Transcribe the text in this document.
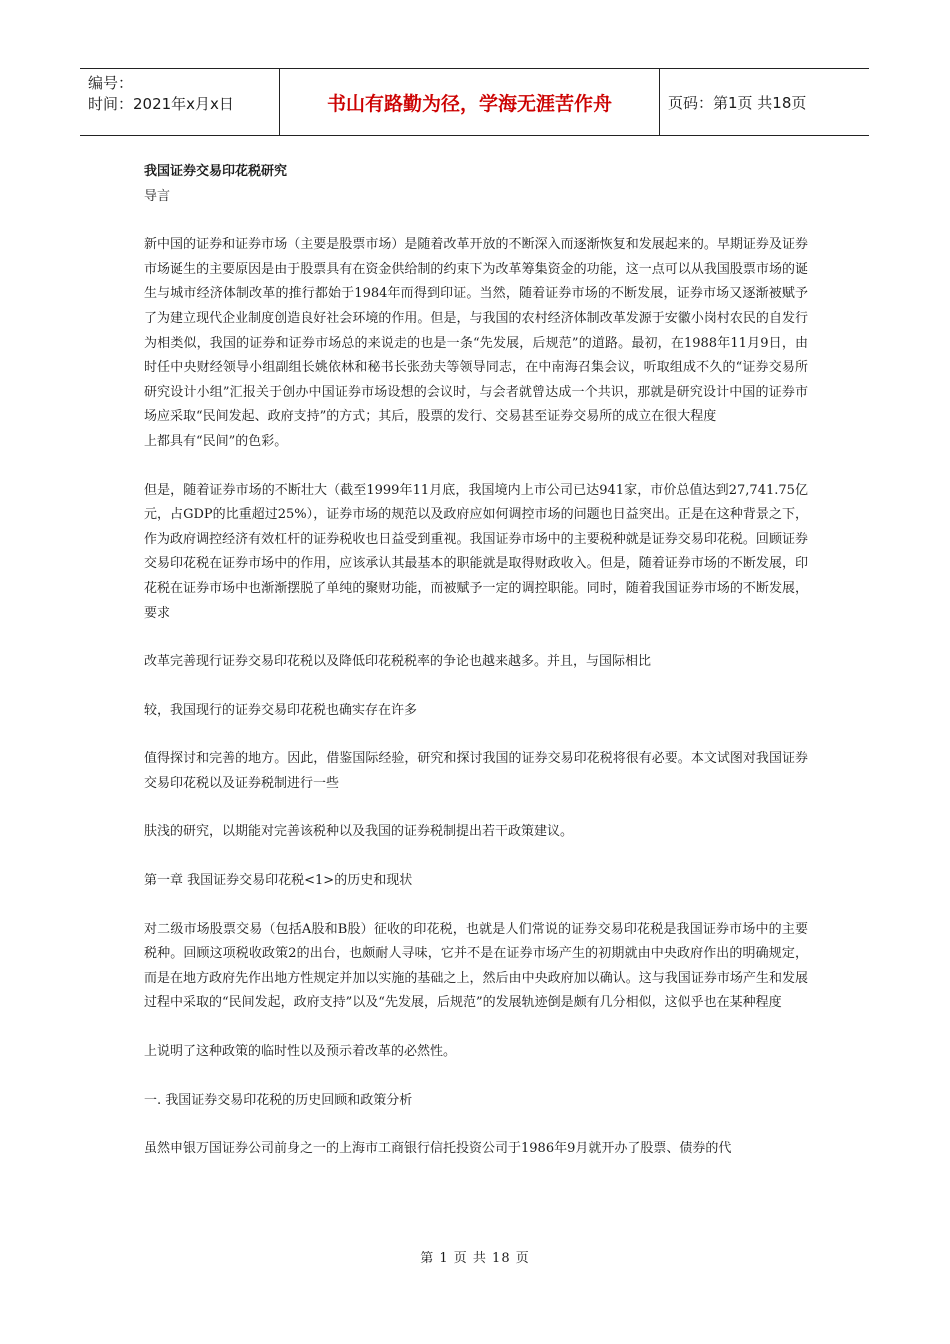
编号：
时间：2021年x月x日	书山有路勤为径，学海无涯苦作舟	页码：第1页 共18页

我国证券交易印花税研究

导言

新中国的证券和证券市场（主要是股票市场）是随着改革开放的不断深入而逐渐恢复和发展起来的。早期证券及证券市场诞生的主要原因是由于股票具有在资金供给制的约束下为改革筹集资金的功能，这一点可以从我国股票市场的诞生与城市经济体制改革的推行都始于1984年而得到印证。当然，随着证券市场的不断发展，证券市场又逐渐被赋予了为建立现代企业制度创造良好社会环境的作用。但是，与我国的农村经济体制改革发源于安徽小岗村农民的自发行为相类似，我国的证券和证券市场总的来说走的也是一条“先发展，后规范”的道路。最初，在1988年11月9日，由时任中央财经领导小组副组长姚依林和秘书长张劲夫等领导同志，在中南海召集会议，听取组成不久的“证券交易所研究设计小组”汇报关于创办中国证券市场设想的会议时，与会者就曾达成一个共识，那就是研究设计中国的证券市场应采取“民间发起、政府支持”的方式；其后，股票的发行、交易甚至证券交易所的成立在很大程度

上都具有“民间”的色彩。

但是，随着证券市场的不断壮大（截至1999年11月底，我国境内上市公司已达941家，市价总值达到27,741.75亿元，占GDP的比重超过25%），证券市场的规范以及政府应如何调控市场的问题也日益突出。正是在这种背景之下，作为政府调控经济有效杠杆的证券税收也日益受到重视。我国证券市场中的主要税种就是证券交易印花税。回顾证券交易印花税在证券市场中的作用，应该承认其最基本的职能就是取得财政收入。但是，随着证券市场的不断发展，印花税在证券市场中也渐渐摆脱了单纯的聚财功能，而被赋予一定的调控职能。同时，随着我国证券市场的不断发展，要求

改革完善现行证券交易印花税以及降低印花税税率的争论也越来越多。并且，与国际相比

较，我国现行的证券交易印花税也确实存在许多

值得探讨和完善的地方。因此，借鉴国际经验，研究和探讨我国的证券交易印花税将很有必要。本文试图对我国证券交易印花税以及证券税制进行一些

肤浅的研究，以期能对完善该税种以及我国的证券税制提出若干政策建议。

第一章 我国证券交易印花税<1>的历史和现状

对二级市场股票交易（包括A股和B股）征收的印花税，也就是人们常说的证券交易印花税是我国证券市场中的主要税种。回顾这项税收政策2的出台，也颇耐人寻味，它并不是在证券市场产生的初期就由中央政府作出的明确规定，而是在地方政府先作出地方性规定并加以实施的基础之上，然后由中央政府加以确认。这与我国证券市场产生和发展过程中采取的“民间发起，政府支持”以及“先发展，后规范”的发展轨迹倒是颇有几分相似，这似乎也在某种程度

上说明了这种政策的临时性以及预示着改革的必然性。

一. 我国证券交易印花税的历史回顾和政策分析

虽然申银万国证券公司前身之一的上海市工商银行信托投资公司于1986年9月就开办了股票、债券的代

第 1 页 共 18 页
